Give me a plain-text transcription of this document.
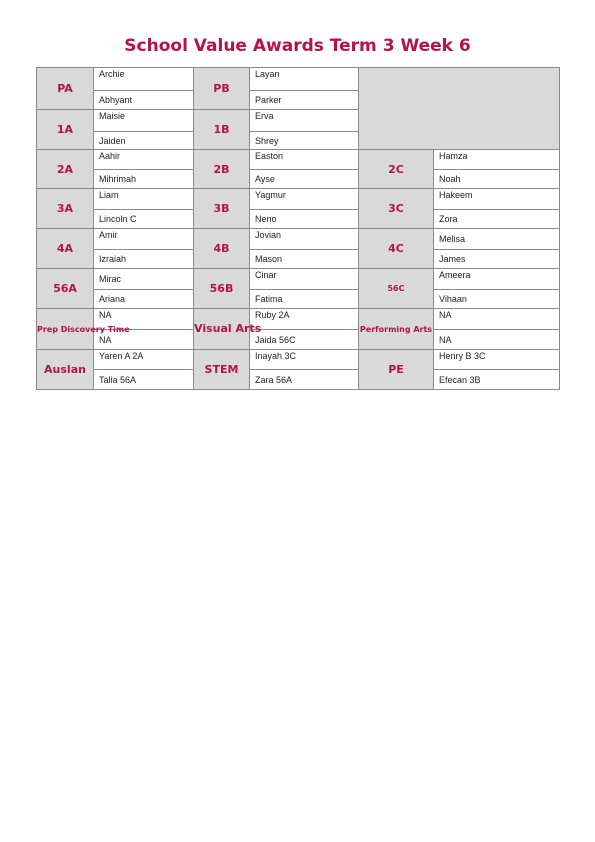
School Value Awards Term 3 Week 6
PA	Archie	PB	Layan		
	Abhyant		Parker		
1A	Maisie	1B	Erva		
	Jaiden		Shrey		
2A	Aahir	2B	Easton	2C	Hamza
	Mihrimah		Ayse		Noah
3A	Liam	3B	Yagmur	3C	Hakeem
	Lincoln C		Neno		Zora
4A	Amir	4B	Jovian	4C	Melisa
	Izraiah		Mason		James
56A	Mirac	56B	Cinar	56C	Ameera
	Ariana		Fatima		Vihaan
Prep Discovery Time	NA	Visual Arts	Ruby 2A	Performing Arts	NA
	NA		Jaida 56C		NA
Auslan	Yaren A 2A	STEM	Inayah 3C	PE	Henry B 3C
	Talia 56A		Zara 56A		Efecan 3B
